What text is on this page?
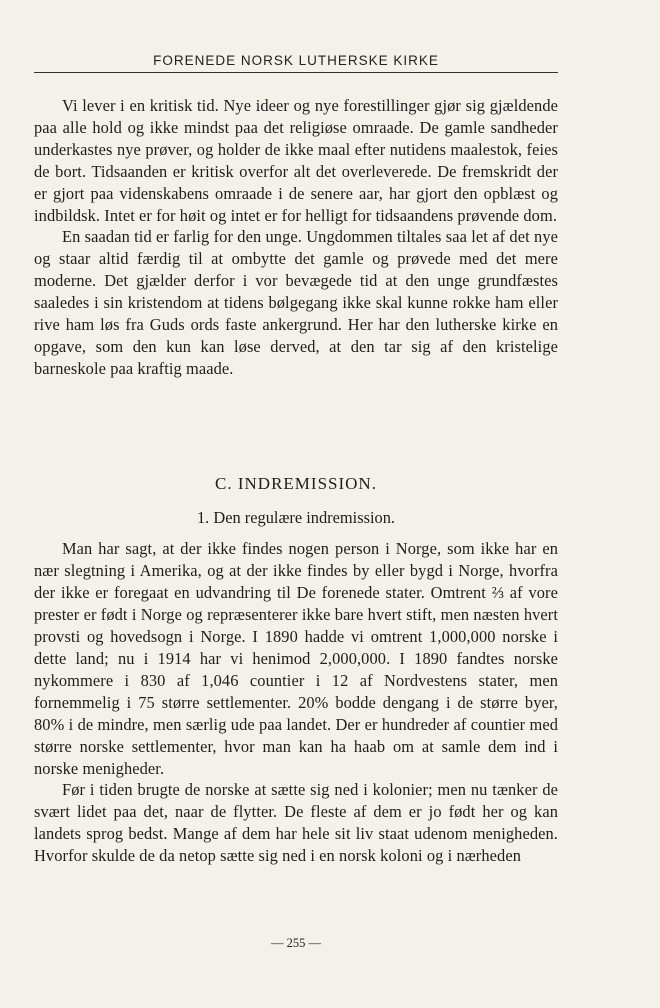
FORENEDE NORSK LUTHERSKE KIRKE

Vi lever i en kritisk tid. Nye ideer og nye forestillinger gjør sig gjældende paa alle hold og ikke mindst paa det religiøse omraade. De gamle sandheder underkastes nye prøver, og holder de ikke maal efter nutidens maalestok, feies de bort. Tidsaanden er kritisk overfor alt det overleverede. De fremskridt der er gjort paa videnskabens omraade i de senere aar, har gjort den opblæst og indbildsk. Intet er for høit og intet er for helligt for tidsaandens prøvende dom.

En saadan tid er farlig for den unge. Ungdommen tiltales saa let af det nye og staar altid færdig til at ombytte det gamle og prøvede med det mere moderne. Det gjælder derfor i vor bevægede tid at den unge grundfæstes saaledes i sin kristendom at tidens bølgegang ikke skal kunne rokke ham eller rive ham løs fra Guds ords faste ankergrund. Her har den lutherske kirke en opgave, som den kun kan løse derved, at den tar sig af den kristelige barneskole paa kraftig maade.

C. INDREMISSION.
1. Den regulære indremission.

Man har sagt, at der ikke findes nogen person i Norge, som ikke har en nær slegtning i Amerika, og at der ikke findes by eller bygd i Norge, hvorfra der ikke er foregaat en udvandring til De forenede stater. Omtrent ⅔ af vore prester er født i Norge og repræsenterer ikke bare hvert stift, men næsten hvert provsti og hovedsogn i Norge. I 1890 hadde vi omtrent 1,000,000 norske i dette land; nu i 1914 har vi henimod 2,000,000. I 1890 fandtes norske nykommere i 830 af 1,046 countier i 12 af Nordvestens stater, men fornemmelig i 75 større settlementer. 20% bodde dengang i de større byer, 80% i de mindre, men særlig ude paa landet. Der er hundreder af countier med større norske settlementer, hvor man kan ha haab om at samle dem ind i norske menigheder.

Før i tiden brugte de norske at sætte sig ned i kolonier; men nu tænker de svært lidet paa det, naar de flytter. De fleste af dem er jo født her og kan landets sprog bedst. Mange af dem har hele sit liv staat udenom menigheden. Hvorfor skulde de da netop sætte sig ned i en norsk koloni og i nærheden

— 255 —
